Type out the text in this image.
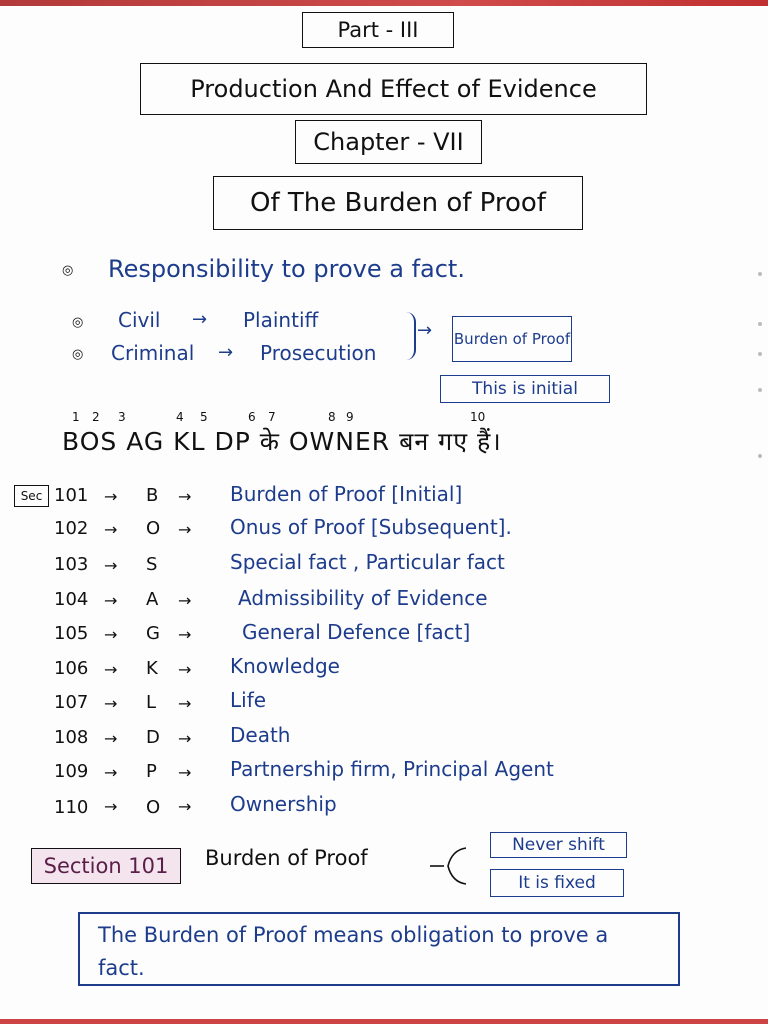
Part - III
Production And Effect of Evidence
Chapter - VII
Of The Burden of Proof
◎ Responsibility to prove a fact.
◎ Civil → Plaintiff
◎ Criminal → Prosecution
→ Burden of Proof
This is initial
1 2 3	4 5	6 7	8 9	10
BOS AG KL DP के OWNER बन गए हैं।
Sec 101 → B → Burden of Proof [Initial]
102 → O → Onus of Proof [Subsequent].
103 → S	Special fact , Particular fact
104 → A → Admissibility of Evidence
105 → G →	General Defence [fact]
106 → K → Knowledge
107 → L → Life
108 → D → Death
109 → P → Partnership firm, Principal Agent
110 → O → Ownership
Section 101	Burden of Proof
Never shift
It is fixed
The Burden of Proof means obligation to prove a fact.
